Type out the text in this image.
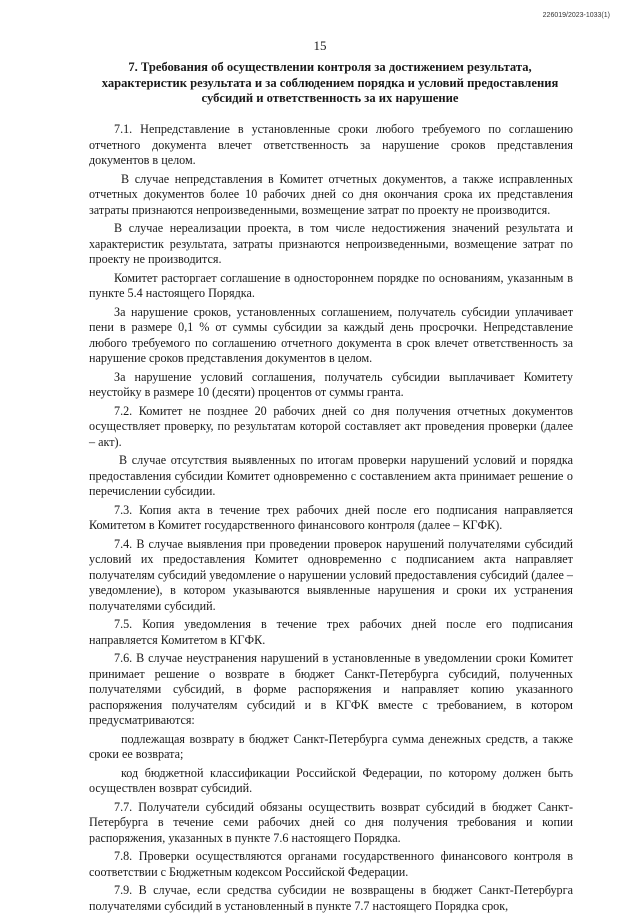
226019/2023-1033(1)
15
7. Требования об осуществлении контроля за достижением результата, характеристик результата и за соблюдением порядка и условий предоставления субсидий и ответственность за их нарушение

7.1. Непредставление в установленные сроки любого требуемого по соглашению отчетного документа влечет ответственность за нарушение сроков представления документов в целом.

В случае непредставления в Комитет отчетных документов, а также исправленных отчетных документов более 10 рабочих дней со дня окончания срока их представления затраты признаются непроизведенными, возмещение затрат по проекту не производится.

В случае нереализации проекта, в том числе недостижения значений результата и характеристик результата, затраты признаются непроизведенными, возмещение затрат по проекту не производится.

Комитет расторгает соглашение в одностороннем порядке по основаниям, указанным в пункте 5.4 настоящего Порядка.

За нарушение сроков, установленных соглашением, получатель субсидии уплачивает пени в размере 0,1 % от суммы субсидии за каждый день просрочки. Непредставление любого требуемого по соглашению отчетного документа в срок влечет ответственность за нарушение сроков представления документов в целом.

За нарушение условий соглашения, получатель субсидии выплачивает Комитету неустойку в размере 10 (десяти) процентов от суммы гранта.

7.2. Комитет не позднее 20 рабочих дней со дня получения отчетных документов осуществляет проверку, по результатам которой составляет акт проведения проверки (далее – акт).

В случае отсутствия выявленных по итогам проверки нарушений условий и порядка предоставления субсидии Комитет одновременно с составлением акта принимает решение о перечислении субсидии.

7.3. Копия акта в течение трех рабочих дней после его подписания направляется Комитетом в Комитет государственного финансового контроля (далее – КГФК).

7.4. В случае выявления при проведении проверок нарушений получателями субсидий условий их предоставления Комитет одновременно с подписанием акта направляет получателям субсидий уведомление о нарушении условий предоставления субсидий (далее – уведомление), в котором указываются выявленные нарушения и сроки их устранения получателями субсидий.

7.5. Копия уведомления в течение трех рабочих дней после его подписания направляется Комитетом в КГФК.

7.6. В случае неустранения нарушений в установленные в уведомлении сроки Комитет принимает решение о возврате в бюджет Санкт-Петербурга субсидий, полученных получателями субсидий, в форме распоряжения и направляет копию указанного распоряжения получателям субсидий и в КГФК вместе с требованием, в котором предусматриваются:

подлежащая возврату в бюджет Санкт-Петербурга сумма денежных средств, а также сроки ее возврата;

код бюджетной классификации Российской Федерации, по которому должен быть осуществлен возврат субсидий.

7.7. Получатели субсидий обязаны осуществить возврат субсидий в бюджет Санкт-Петербурга в течение семи рабочих дней со дня получения требования и копии распоряжения, указанных в пункте 7.6 настоящего Порядка.

7.8. Проверки осуществляются органами государственного финансового контроля в соответствии с Бюджетным кодексом Российской Федерации.

7.9. В случае, если средства субсидии не возвращены в бюджет Санкт-Петербурга получателями субсидий в установленный в пункте 7.7 настоящего Порядка срок,
